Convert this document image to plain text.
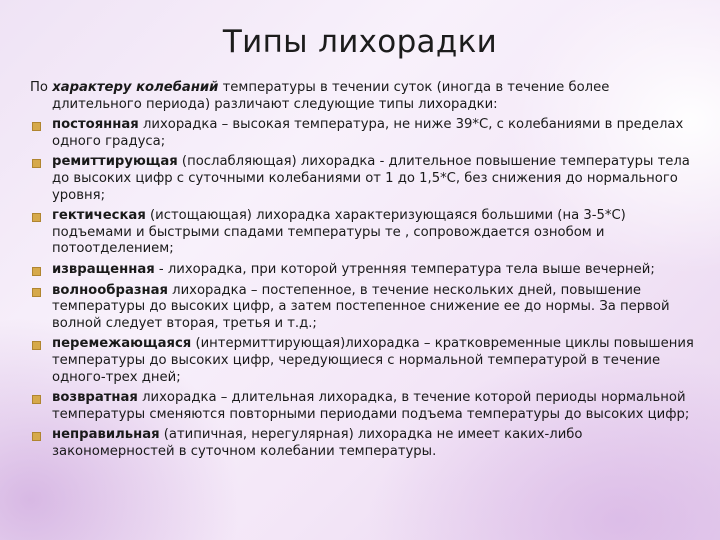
Типы лихорадки

По характеру колебаний температуры в течении суток (иногда в течение более длительного периода) различают следующие типы лихорадки:

постоянная лихорадка – высокая температура, не ниже 39*С, с колебаниями в пределах одного градуса;
ремиттирующая (послабляющая) лихорадка - длительное повышение температуры тела до высоких цифр с суточными колебаниями от 1 до 1,5*С, без снижения до нормального уровня;
гектическая (истощающая) лихорадка характеризующаяся большими (на 3-5*С) подъемами и быстрыми спадами температуры те , сопровождается ознобом и потоотделением;
извращенная - лихорадка, при которой утренняя температура тела выше вечерней;
волнообразная лихорадка – постепенное, в течение нескольких дней, повышение температуры до высоких цифр, а затем постепенное снижение ее до нормы. За первой волной следует вторая, третья и т.д.;
перемежающаяся (интермиттирующая)лихорадка – кратковременные циклы повышения температуры до высоких цифр, чередующиеся с нормальной температурой в течение одного-трех дней;
возвратная лихорадка – длительная лихорадка, в течение которой периоды нормальной температуры сменяются повторными периодами подъема температуры до высоких цифр;
неправильная (атипичная, нерегулярная) лихорадка не имеет каких-либо закономерностей в суточном колебании температуры.
